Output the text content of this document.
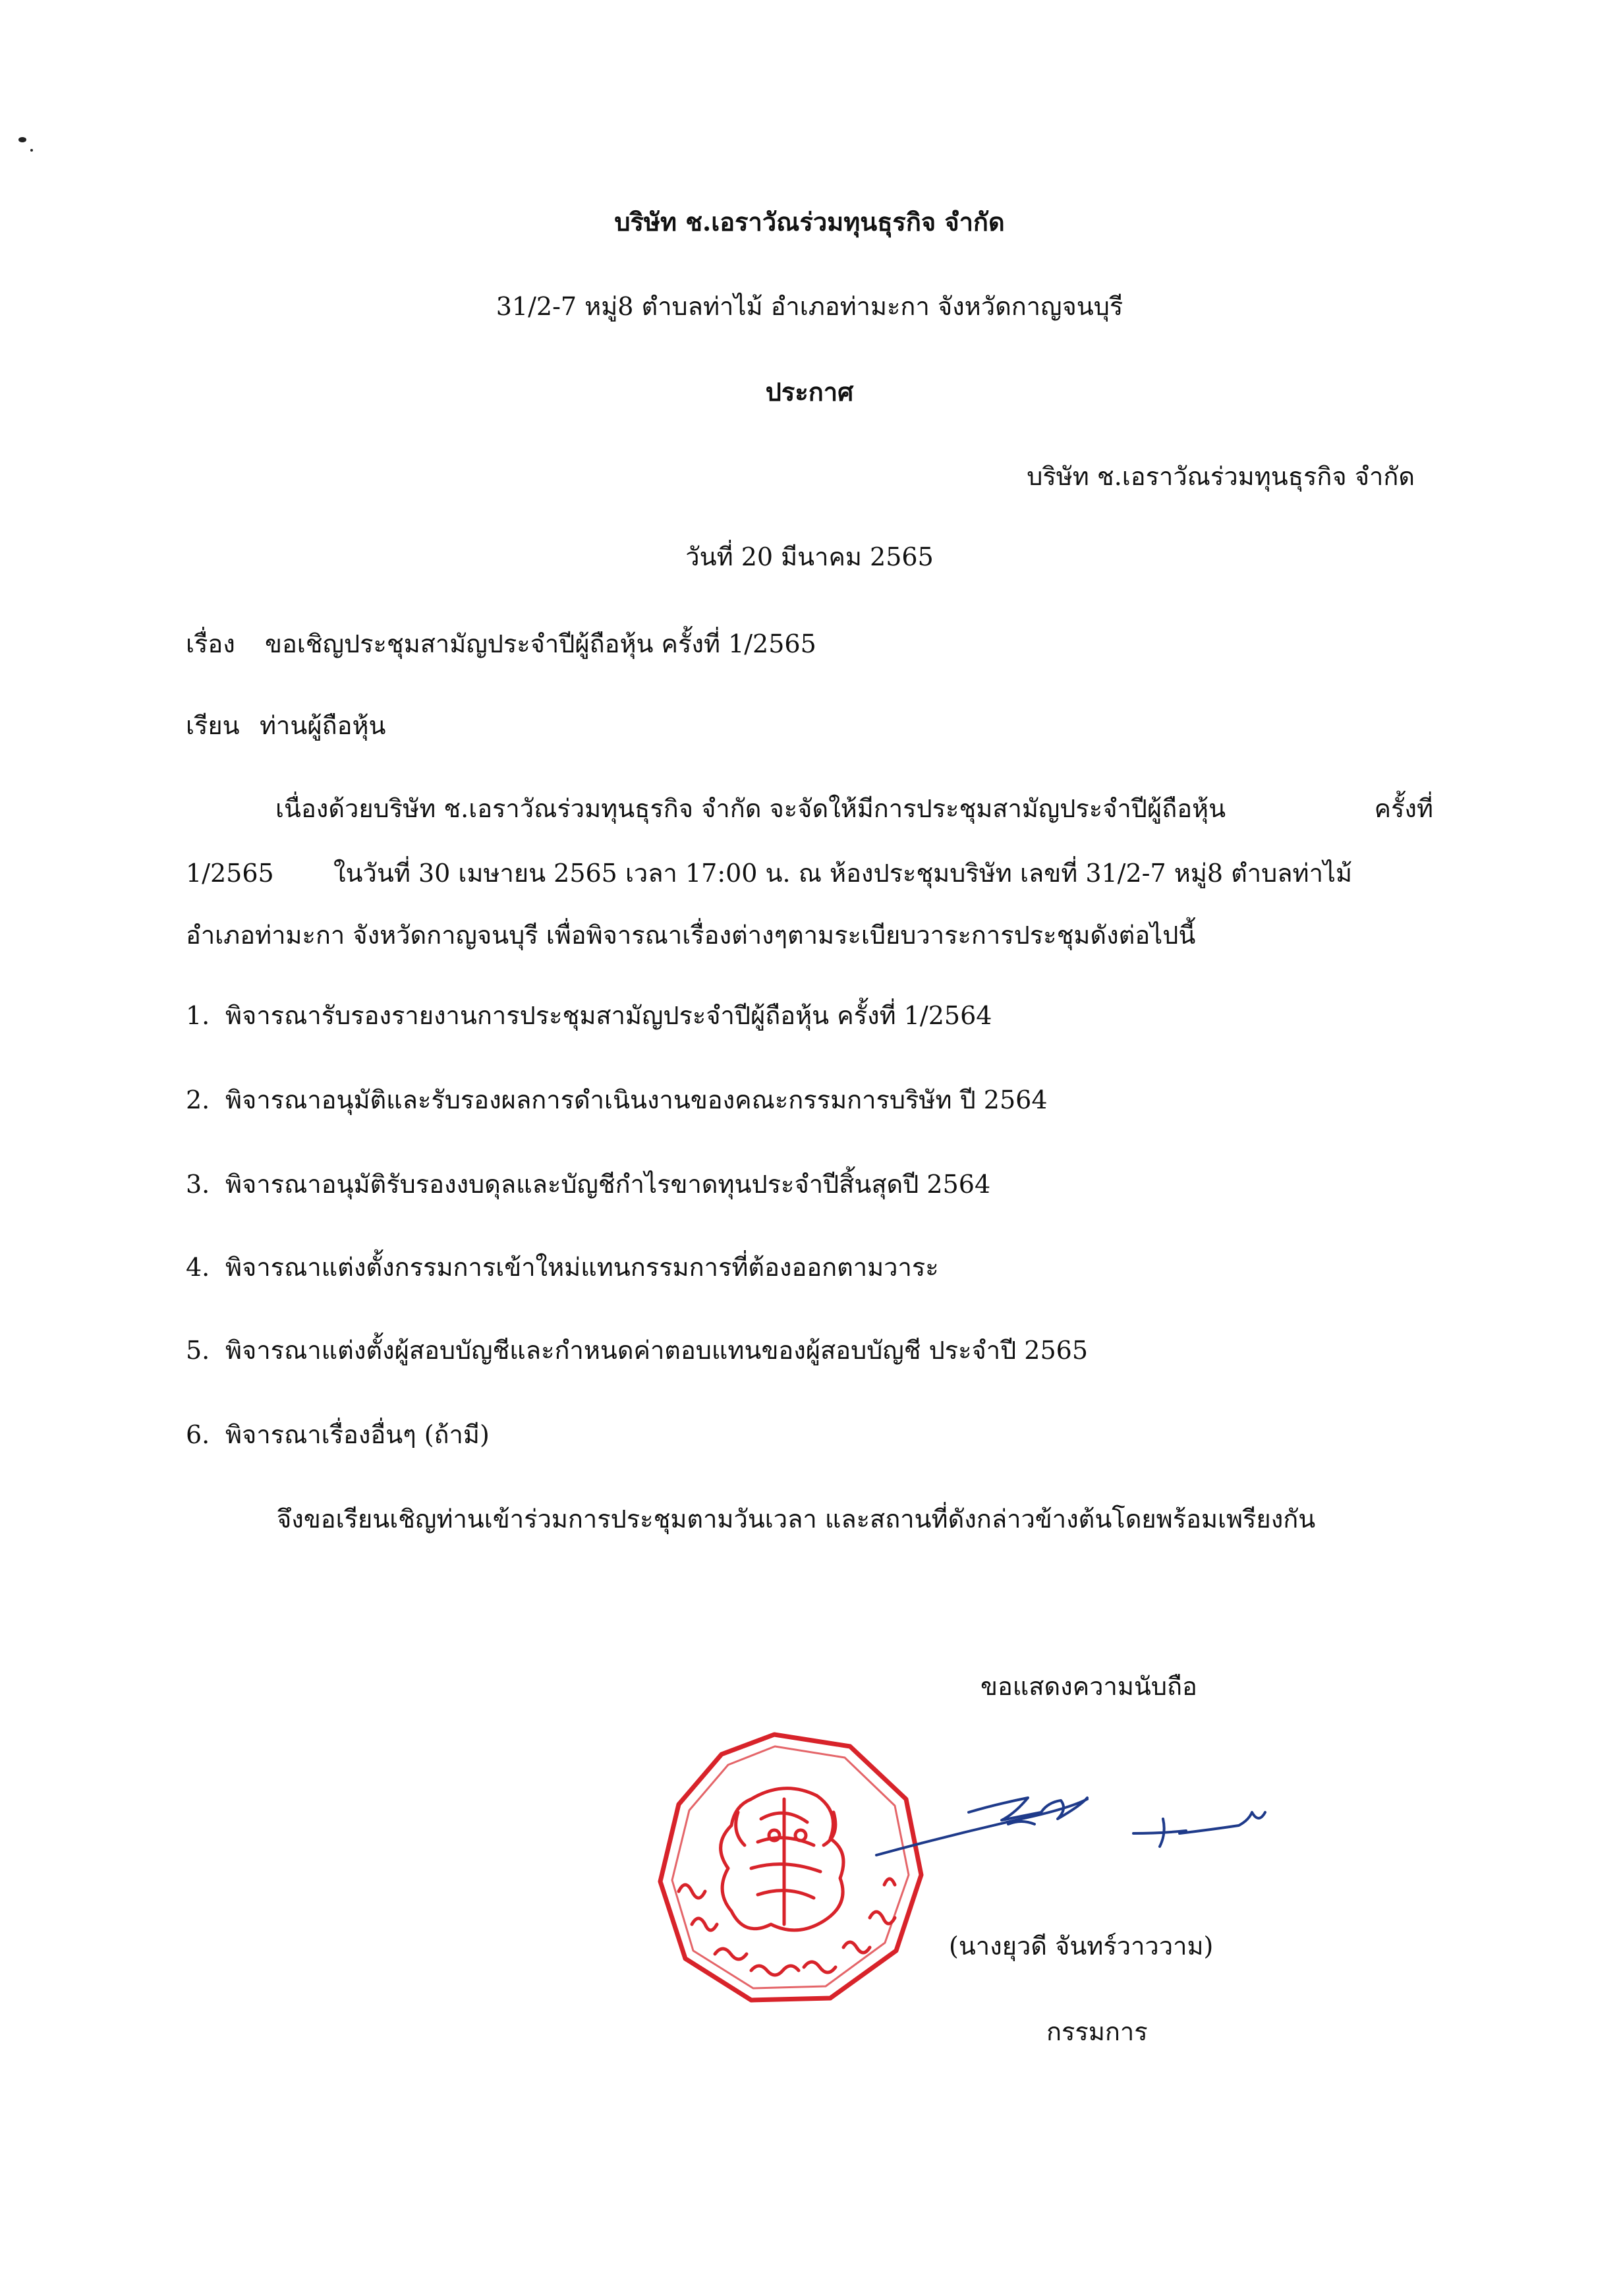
บริษัท ช.เอราวัณร่วมทุนธุรกิจ จำกัด
31/2-7 หมู่8 ตำบลท่าไม้ อำเภอท่ามะกา จังหวัดกาญจนบุรี
ประกาศ
บริษัท ช.เอราวัณร่วมทุนธุรกิจ จำกัด
วันที่ 20 มีนาคม 2565
เรื่อง ขอเชิญประชุมสามัญประจำปีผู้ถือหุ้น ครั้งที่ 1/2565
เรียน ท่านผู้ถือหุ้น
เนื่องด้วยบริษัท ช.เอราวัณร่วมทุนธุรกิจ จำกัด จะจัดให้มีการประชุมสามัญประจำปีผู้ถือหุ้น	ครั้งที่
1/2565 ในวันที่ 30 เมษายน 2565 เวลา 17:00 น. ณ ห้องประชุมบริษัท เลขที่ 31/2-7 หมู่8 ตำบลท่าไม้
อำเภอท่ามะกา จังหวัดกาญจนบุรี เพื่อพิจารณาเรื่องต่างๆตามระเบียบวาระการประชุมดังต่อไปนี้
1. พิจารณารับรองรายงานการประชุมสามัญประจำปีผู้ถือหุ้น ครั้งที่ 1/2564
2. พิจารณาอนุมัติและรับรองผลการดำเนินงานของคณะกรรมการบริษัท ปี 2564
3. พิจารณาอนุมัติรับรองงบดุลและบัญชีกำไรขาดทุนประจำปีสิ้นสุดปี 2564
4. พิจารณาแต่งตั้งกรรมการเข้าใหม่แทนกรรมการที่ต้องออกตามวาระ
5. พิจารณาแต่งตั้งผู้สอบบัญชีและกำหนดค่าตอบแทนของผู้สอบบัญชี ประจำปี 2565
6. พิจารณาเรื่องอื่นๆ (ถ้ามี)
จึงขอเรียนเชิญท่านเข้าร่วมการประชุมตามวันเวลา และสถานที่ดังกล่าวข้างต้นโดยพร้อมเพรียงกัน
ขอแสดงความนับถือ
(นางยุวดี จันทร์วาววาม)
กรรมการ
